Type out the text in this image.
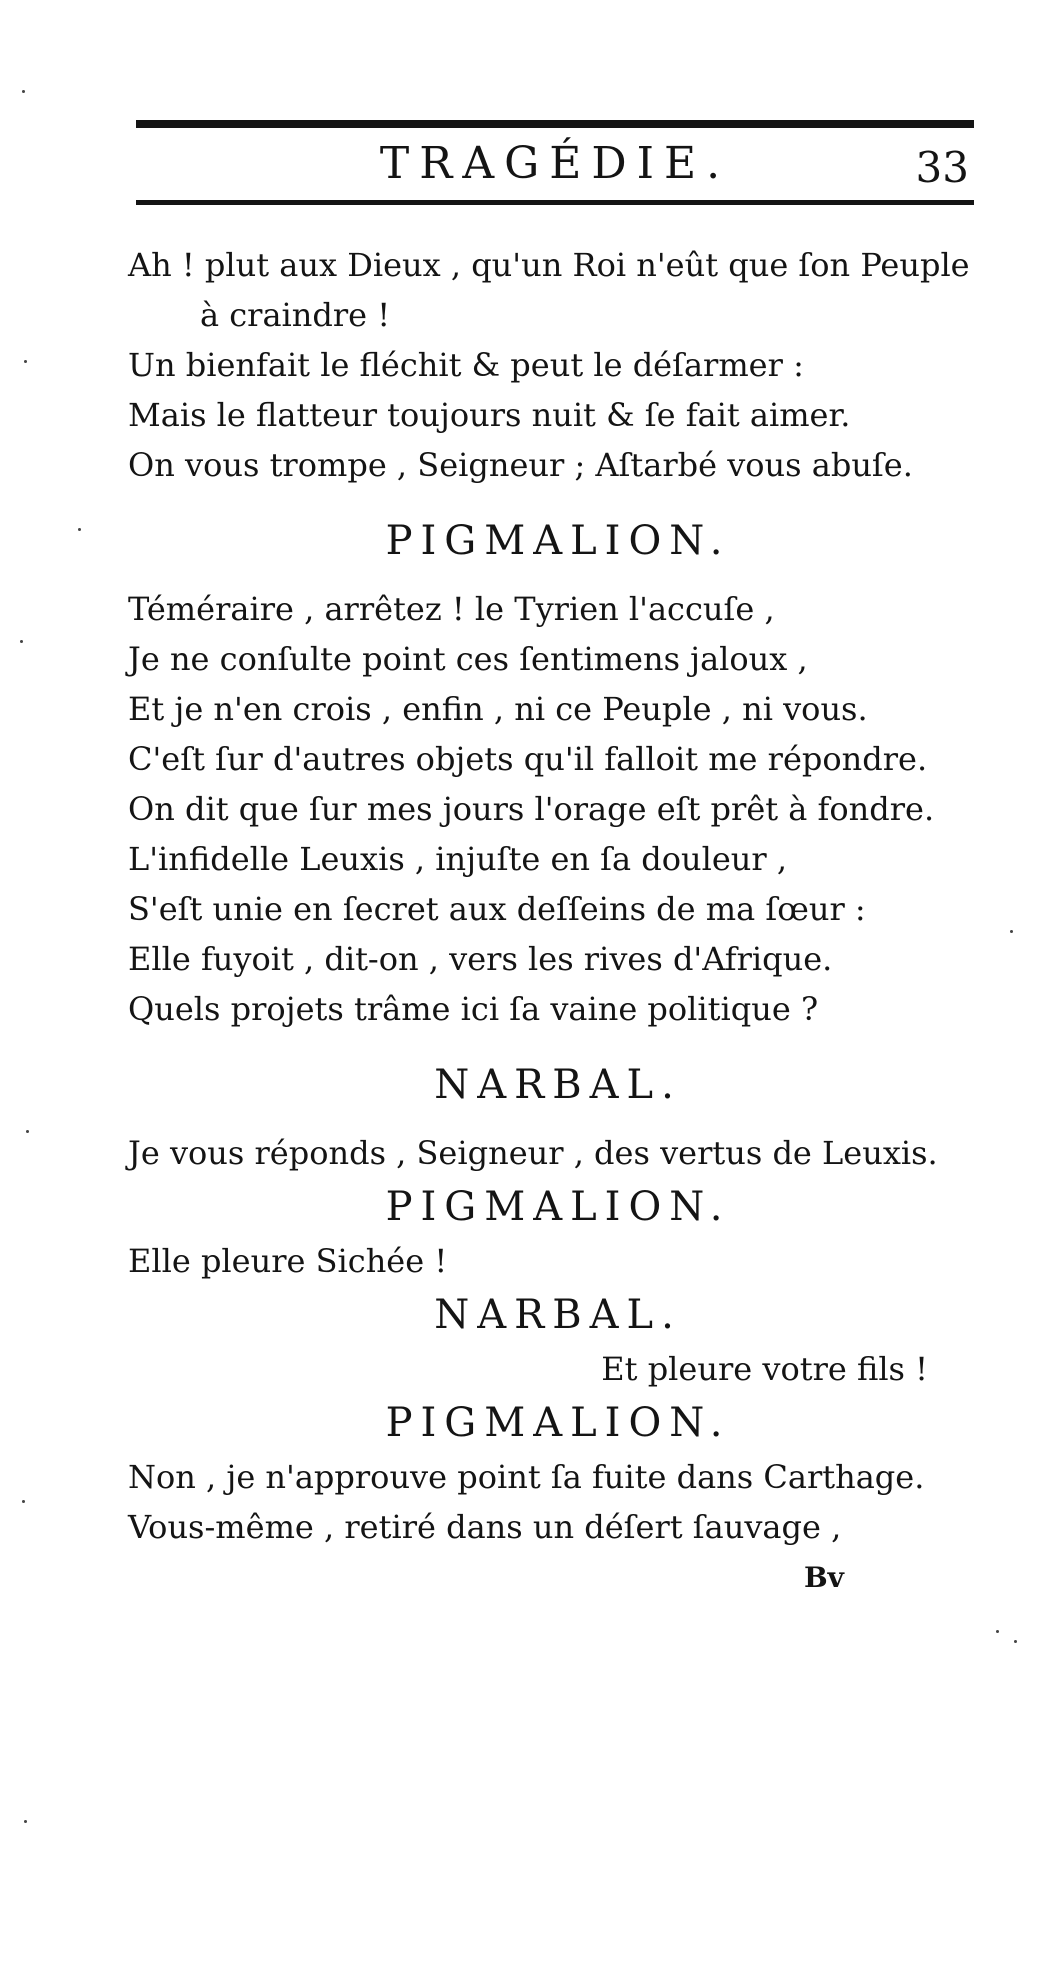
TRAGÉDIE.	33
Ah ! plut aux Dieux , qu'un Roi n'eût que ſon Peuple
à craindre !
Un bienfait le fléchit & peut le déſarmer :
Mais le flatteur toujours nuit & ſe fait aimer.
On vous trompe , Seigneur ; Aſtarbé vous abuſe.
PIGMALION.
Téméraire , arrêtez ! le Tyrien l'accuſe ,
Je ne conſulte point ces ſentimens jaloux ,
Et je n'en crois , enfin , ni ce Peuple , ni vous.
C'eſt ſur d'autres objets qu'il falloit me répondre.
On dit que ſur mes jours l'orage eſt prêt à fondre.
L'infidelle Leuxis , injuſte en ſa douleur ,
S'eſt unie en ſecret aux deſſeins de ma ſœur :
Elle fuyoit , dit-on , vers les rives d'Afrique.
Quels projets trâme ici ſa vaine politique ?
NARBAL.
Je vous réponds , Seigneur , des vertus de Leuxis.
PIGMALION.
Elle pleure Sichée !
NARBAL.
Et pleure votre fils !
PIGMALION.
Non , je n'approuve point ſa fuite dans Carthage.
Vous-même , retiré dans un déſert ſauvage ,
Bv
